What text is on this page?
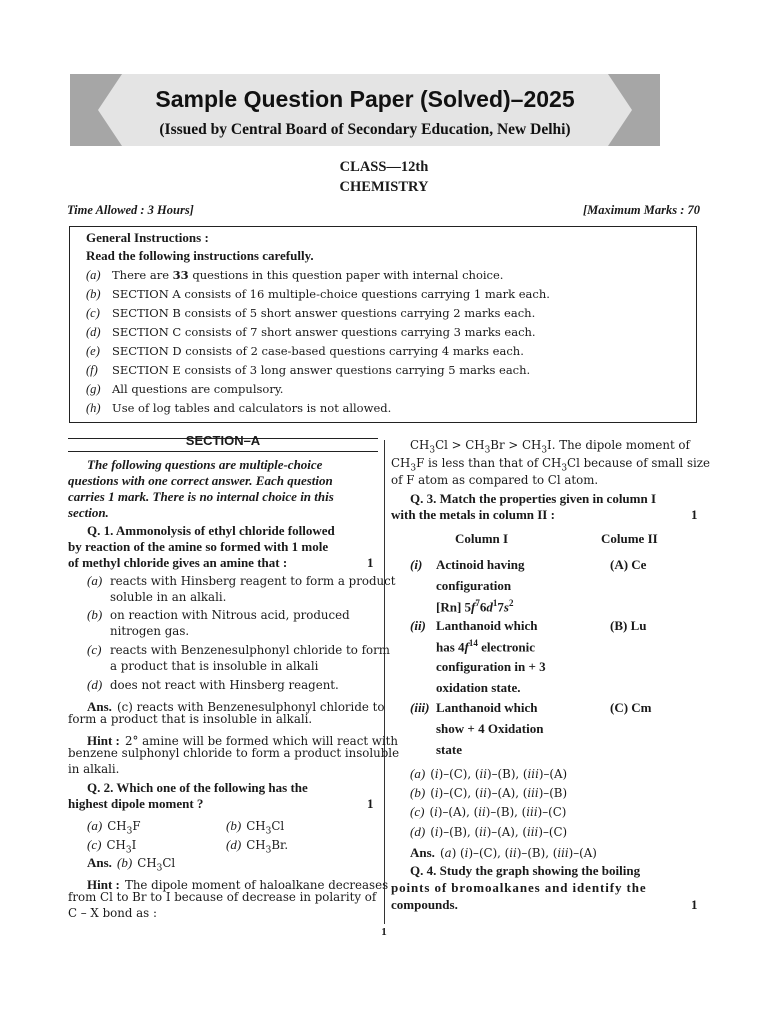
Sample Question Paper (Solved)–2025
(Issued by Central Board of Secondary Education, New Delhi)
CLASS—12th
CHEMISTRY
Time Allowed : 3 Hours]	[Maximum Marks : 70
General Instructions :
Read the following instructions carefully.
(a) There are 33 questions in this question paper with internal choice.
(b) SECTION A consists of 16 multiple-choice questions carrying 1 mark each.
(c) SECTION B consists of 5 short answer questions carrying 2 marks each.
(d) SECTION C consists of 7 short answer questions carrying 3 marks each.
(e) SECTION D consists of 2 case-based questions carrying 4 marks each.
(f) SECTION E consists of 3 long answer questions carrying 5 marks each.
(g) All questions are compulsory.
(h) Use of log tables and calculators is not allowed.
SECTION–A
The following questions are multiple-choice
questions with one correct answer. Each question
carries 1 mark. There is no internal choice in this
section.
Q. 1. Ammonolysis of ethyl chloride followed
by reaction of the amine so formed with 1 mole
of methyl chloride gives an amine that :	1
(a) reacts with Hinsberg reagent to form a product
soluble in an alkali.
(b) on reaction with Nitrous acid, produced
nitrogen gas.
(c) reacts with Benzenesulphonyl chloride to form
a product that is insoluble in alkali
(d) does not react with Hinsberg reagent.
Ans. (c) reacts with Benzenesulphonyl chloride to
form a product that is insoluble in alkali.
Hint : 2° amine will be formed which will react with
benzene sulphonyl chloride to form a product insoluble
in alkali.
Q. 2. Which one of the following has the
highest dipole moment ?	1
(a) $CH_3F$	(b) $CH_3Cl$
(c) $CH_3I$	(d) $CH_3Br$.
Ans. (b) $CH_3Cl$
Hint : The dipole moment of haloalkane decreases
from Cl to Br to I because of decrease in polarity of
C – X bond as :
$CH_3Cl > CH_3Br > CH_3I$. The dipole moment of
$CH_3F$ is less than that of $CH_3Cl$ because of small size
of F atom as compared to Cl atom.
Q. 3. Match the properties given in column I
with the metals in column II :	1
Column I	Colume II
(i) Actinoid having	(A) Ce
configuration
[Rn] $5f^76d^17s^2$
(ii) Lanthanoid which	(B) Lu
has $4f^{14}$ electronic
configuration in + 3
oxidation state.
(iii) Lanthanoid which	(C) Cm
show + 4 Oxidation
state
(a) (i)–(C), (ii)–(B), (iii)–(A)
(b) (i)–(C), (ii)–(A), (iii)–(B)
(c) (i)–(A), (ii)–(B), (iii)–(C)
(d) (i)–(B), (ii)–(A), (iii)–(C)
Ans. (a) (i)–(C), (ii)–(B), (iii)–(A)
Q. 4. Study the graph showing the boiling
points of bromoalkanes and identify the
compounds.	1
1
